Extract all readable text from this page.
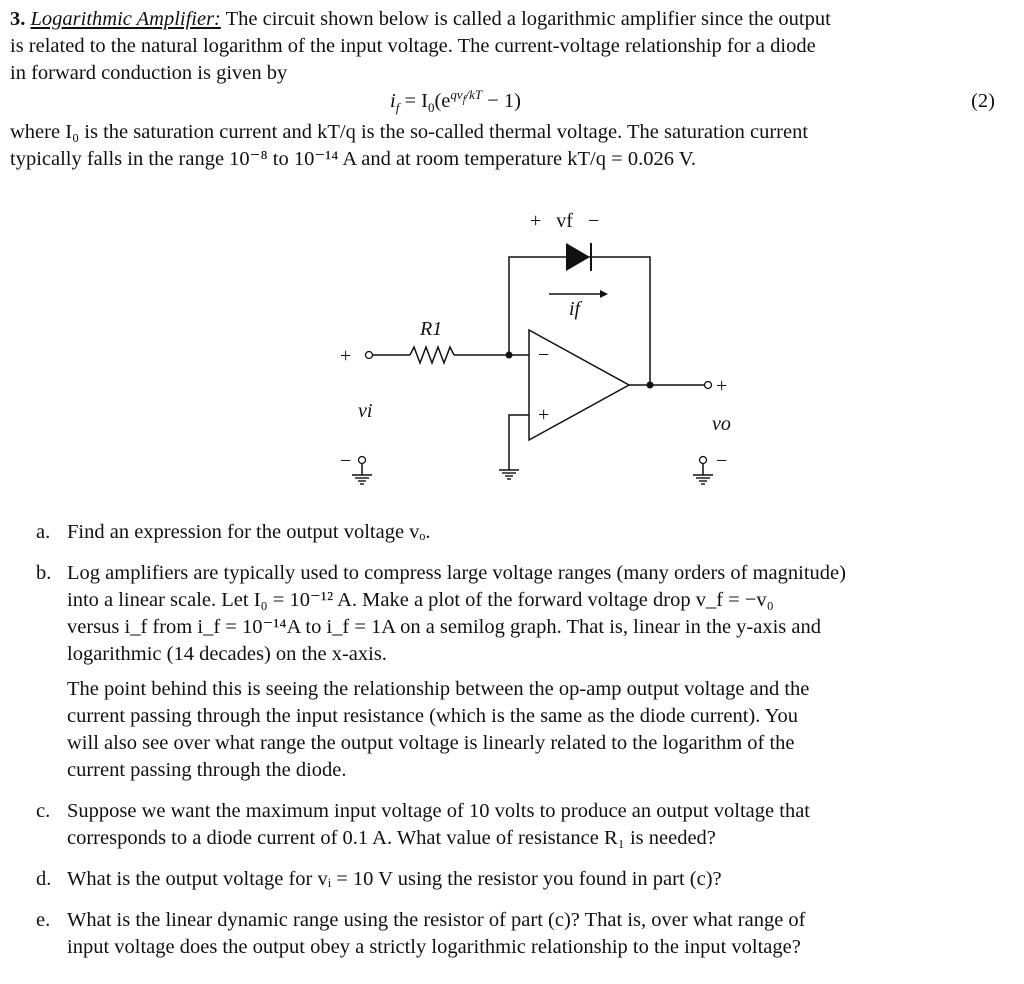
3. Logarithmic Amplifier: The circuit shown below is called a logarithmic amplifier since the output
is related to the natural logarithm of the input voltage. The current-voltage relationship for a diode
in forward conduction is given by

$i_f = I_0(e^{qv_f/kT} - 1)$	(2)

where I₀ is the saturation current and kT/q is the so-called thermal voltage. The saturation current
typically falls in the range 10⁻⁸ to 10⁻¹⁴ A and at room temperature kT/q = 0.026 V.

+   vf   −
if
R1
+
vi
−
+
vo
−
−
+
a. Find an expression for the output voltage vₒ.

b. Log amplifiers are typically used to compress large voltage ranges (many orders of magnitude)
into a linear scale. Let I₀ = 10⁻¹² A. Make a plot of the forward voltage drop v_f = −v₀
versus i_f from i_f = 10⁻¹⁴A to i_f = 1A on a semilog graph. That is, linear in the y-axis and
logarithmic (14 decades) on the x-axis.

The point behind this is seeing the relationship between the op-amp output voltage and the
current passing through the input resistance (which is the same as the diode current). You
will also see over what range the output voltage is linearly related to the logarithm of the
current passing through the diode.

c. Suppose we want the maximum input voltage of 10 volts to produce an output voltage that
corresponds to a diode current of 0.1 A. What value of resistance R₁ is needed?

d. What is the output voltage for vᵢ = 10 V using the resistor you found in part (c)?

e. What is the linear dynamic range using the resistor of part (c)? That is, over what range of
input voltage does the output obey a strictly logarithmic relationship to the input voltage?
